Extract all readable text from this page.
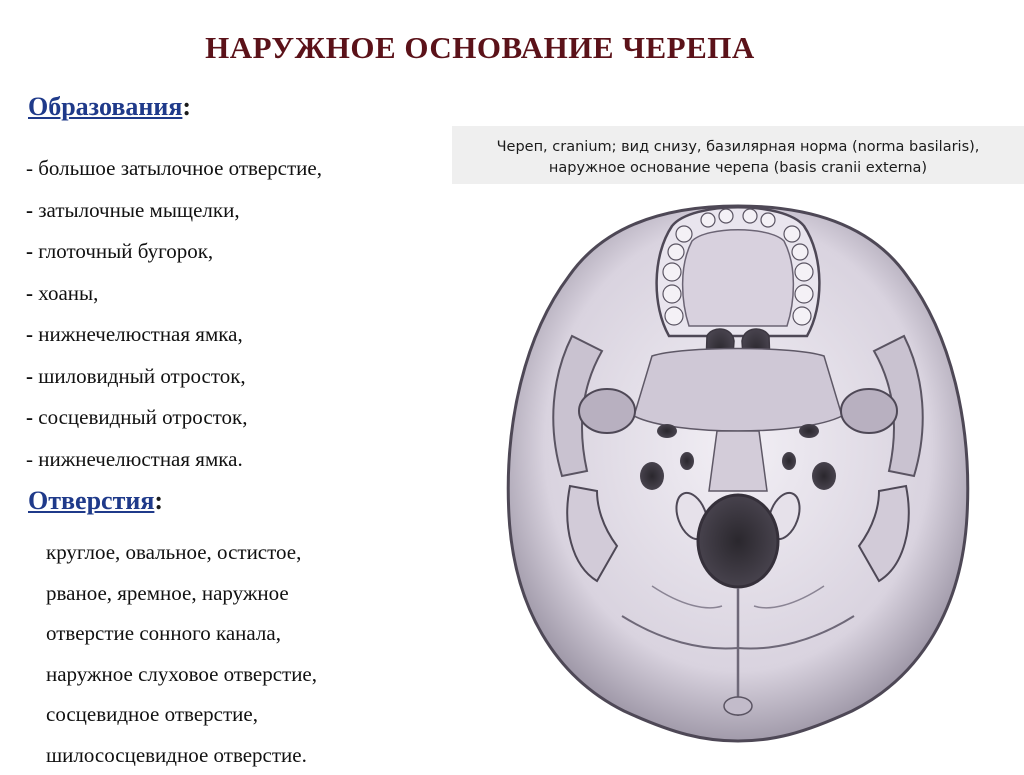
НАРУЖНОЕ ОСНОВАНИЕ ЧЕРЕПА
Образования:
- большое затылочное отверстие,
- затылочные мыщелки,
- глоточный бугорок,
- хоаны,
- нижнечелюстная ямка,
- шиловидный отросток,
- сосцевидный отросток,
- нижнечелюстная ямка.
Отверстия:
круглое, овальное, остистое,
рваное, яремное, наружное
отверстие сонного канала,
наружное слуховое отверстие,
сосцевидное отверстие,
шилососцевидное отверстие.
Череп, cranium; вид снизу, базилярная норма (norma basilaris),
наружное основание черепа (basis cranii externa)
